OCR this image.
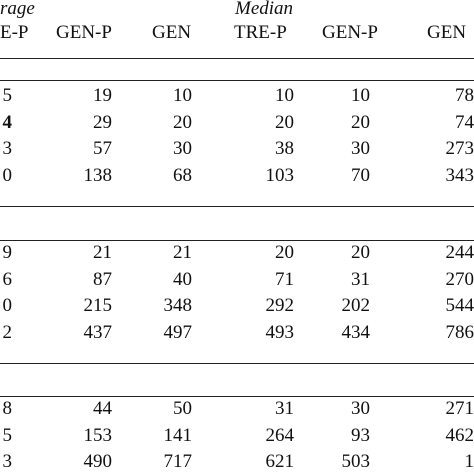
rage	Median
E-P GEN-P GEN TRE-P GEN-P	GEN
5	19	10	10	10	78
4	29	20	20	20	74
3	57	30	38	30	273
0	138	68	103	70	343
9	21	21	20	20	244
6	87	40	71	31	270
0	215	348	292	202	544
2	437	497	493	434	786
8	44	50	31	30	271
5	153	141	264	93	462
3	490	717	621	503	1
